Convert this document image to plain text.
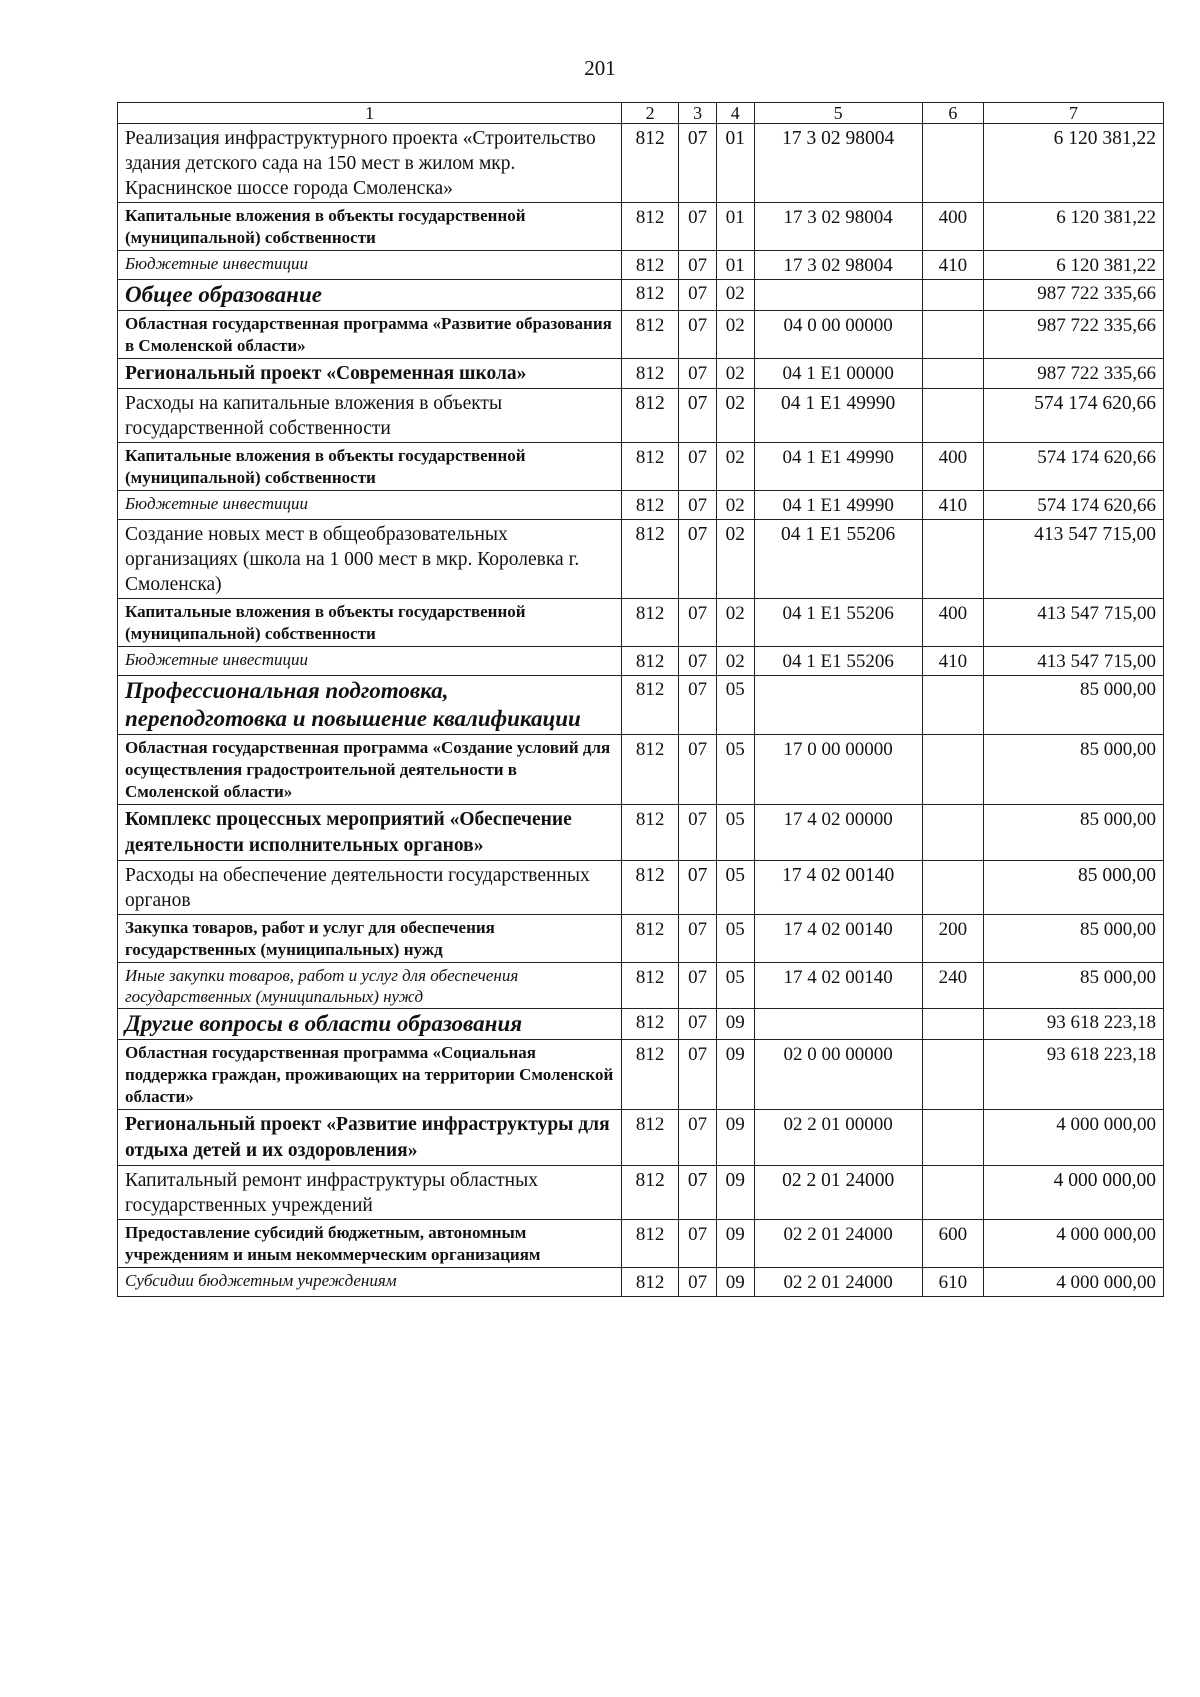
201
1	2	3	4	5	6	7
Реализация инфраструктурного проекта «Строительство здания детского сада на 150 мест в жилом мкр. Краснинское шоссе города Смоленска»	812	07	01	17 3 02 98004		6 120 381,22
Капитальные вложения в объекты государственной (муниципальной) собственности	812	07	01	17 3 02 98004	400	6 120 381,22
Бюджетные инвестиции	812	07	01	17 3 02 98004	410	6 120 381,22
Общее образование	812	07	02			987 722 335,66
Областная государственная программа «Развитие образования в Смоленской области»	812	07	02	04 0 00 00000		987 722 335,66
Региональный проект «Современная школа»	812	07	02	04 1 E1 00000		987 722 335,66
Расходы на капитальные вложения в объекты государственной собственности	812	07	02	04 1 E1 49990		574 174 620,66
Капитальные вложения в объекты государственной (муниципальной) собственности	812	07	02	04 1 E1 49990	400	574 174 620,66
Бюджетные инвестиции	812	07	02	04 1 E1 49990	410	574 174 620,66
Создание новых мест в общеобразовательных организациях (школа на 1 000 мест в мкр. Королевка г. Смоленска)	812	07	02	04 1 E1 55206		413 547 715,00
Капитальные вложения в объекты государственной (муниципальной) собственности	812	07	02	04 1 E1 55206	400	413 547 715,00
Бюджетные инвестиции	812	07	02	04 1 E1 55206	410	413 547 715,00
Профессиональная подготовка, переподготовка и повышение квалификации	812	07	05			85 000,00
Областная государственная программа «Создание условий для осуществления градостроительной деятельности в Смоленской области»	812	07	05	17 0 00 00000		85 000,00
Комплекс процессных мероприятий «Обеспечение деятельности исполнительных органов»	812	07	05	17 4 02 00000		85 000,00
Расходы на обеспечение деятельности государственных органов	812	07	05	17 4 02 00140		85 000,00
Закупка товаров, работ и услуг для обеспечения государственных (муниципальных) нужд	812	07	05	17 4 02 00140	200	85 000,00
Иные закупки товаров, работ и услуг для обеспечения государственных (муниципальных) нужд	812	07	05	17 4 02 00140	240	85 000,00
Другие вопросы в области образования	812	07	09			93 618 223,18
Областная государственная программа «Социальная поддержка граждан, проживающих на территории Смоленской области»	812	07	09	02 0 00 00000		93 618 223,18
Региональный проект «Развитие инфраструктуры для отдыха детей и их оздоровления»	812	07	09	02 2 01 00000		4 000 000,00
Капитальный ремонт инфраструктуры областных государственных учреждений	812	07	09	02 2 01 24000		4 000 000,00
Предоставление субсидий бюджетным, автономным учреждениям и иным некоммерческим организациям	812	07	09	02 2 01 24000	600	4 000 000,00
Субсидии бюджетным учреждениям	812	07	09	02 2 01 24000	610	4 000 000,00
